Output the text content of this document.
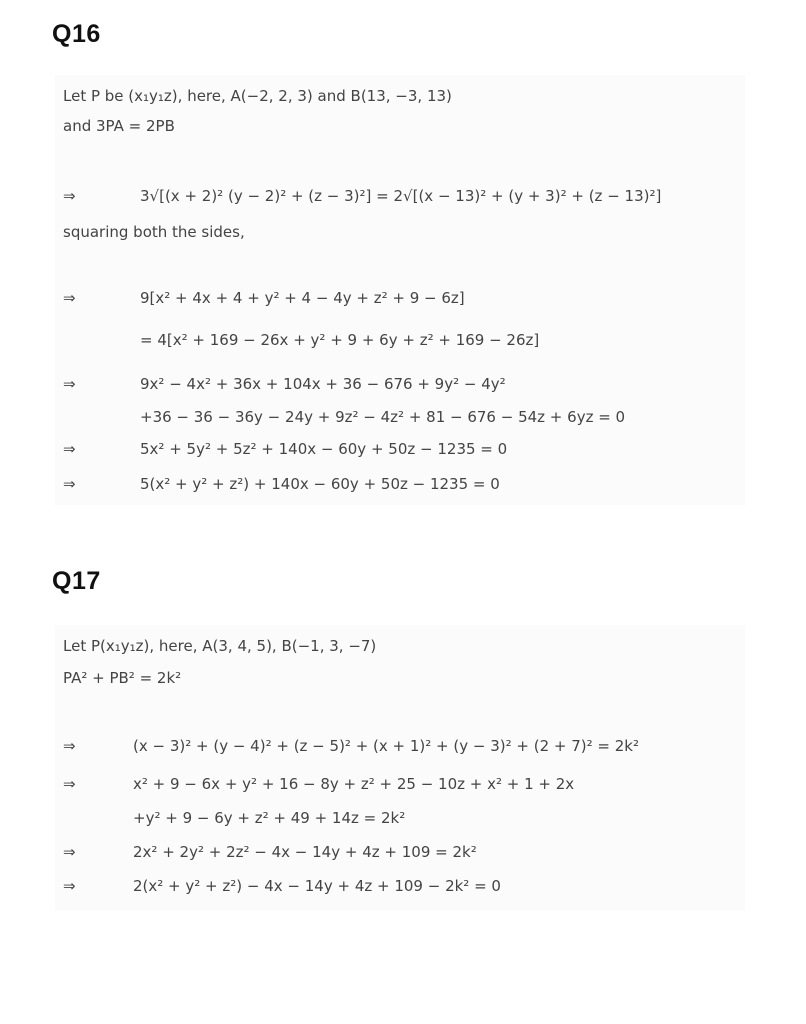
Q16
Let P be (x₁y₁z), here, A(−2, 2, 3) and B(13, −3, 13)
and 3PA = 2PB
⇒	3√[(x + 2)² (y − 2)² + (z − 3)²] = 2√[(x − 13)² + (y + 3)² + (z − 13)²]
squaring both the sides,
⇒	9[x² + 4x + 4 + y² + 4 − 4y + z² + 9 − 6z]
= 4[x² + 169 − 26x + y² + 9 + 6y + z² + 169 − 26z]
⇒	9x² − 4x² + 36x + 104x + 36 − 676 + 9y² − 4y²
+36 − 36 − 36y − 24y + 9z² − 4z² + 81 − 676 − 54z + 6yz = 0
⇒	5x² + 5y² + 5z² + 140x − 60y + 50z − 1235 = 0
⇒	5(x² + y² + z²) + 140x − 60y + 50z − 1235 = 0
Q17
Let P(x₁y₁z), here, A(3, 4, 5), B(−1, 3, −7)
PA² + PB² = 2k²
⇒	(x − 3)² + (y − 4)² + (z − 5)² + (x + 1)² + (y − 3)² + (2 + 7)² = 2k²
⇒	x² + 9 − 6x + y² + 16 − 8y + z² + 25 − 10z + x² + 1 + 2x
+y² + 9 − 6y + z² + 49 + 14z = 2k²
⇒	2x² + 2y² + 2z² − 4x − 14y + 4z + 109 = 2k²
⇒	2(x² + y² + z²) − 4x − 14y + 4z + 109 − 2k² = 0
